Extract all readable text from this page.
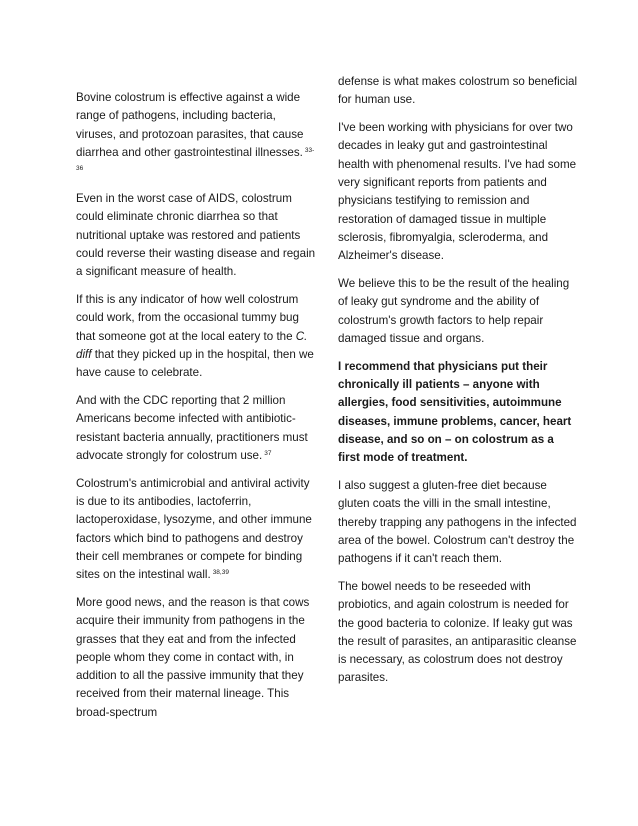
Bovine colostrum is effective against a wide range of pathogens, including bacteria, viruses, and protozoan parasites, that cause diarrhea and other gastrointestinal illnesses. $^{33-36}$

Even in the worst case of AIDS, colostrum could eliminate chronic diarrhea so that nutritional uptake was restored and patients could reverse their wasting disease and regain a significant measure of health.

If this is any indicator of how well colostrum could work, from the occasional tummy bug that someone got at the local eatery to the C. diff that they picked up in the hospital, then we have cause to celebrate.

And with the CDC reporting that 2 million Americans become infected with antibiotic-resistant bacteria annually, practitioners must advocate strongly for colostrum use. $^{37}$

Colostrum's antimicrobial and antiviral activity is due to its antibodies, lactoferrin, lactoperoxidase, lysozyme, and other immune factors which bind to pathogens and destroy their cell membranes or compete for binding sites on the intestinal wall. $^{38,39}$

More good news, and the reason is that cows acquire their immunity from pathogens in the grasses that they eat and from the infected people whom they come in contact with, in addition to all the passive immunity that they received from their maternal lineage. This broad-spectrum

defense is what makes colostrum so beneficial for human use.

I've been working with physicians for over two decades in leaky gut and gastrointestinal health with phenomenal results. I've had some very significant reports from patients and physicians testifying to remission and restoration of damaged tissue in multiple sclerosis, fibromyalgia, scleroderma, and Alzheimer's disease.

We believe this to be the result of the healing of leaky gut syndrome and the ability of colostrum's growth factors to help repair damaged tissue and organs.

I recommend that physicians put their chronically ill patients – anyone with allergies, food sensitivities, autoimmune diseases, immune problems, cancer, heart disease, and so on – on colostrum as a first mode of treatment.

I also suggest a gluten-free diet because gluten coats the villi in the small intestine, thereby trapping any pathogens in the infected area of the bowel. Colostrum can't destroy the pathogens if it can't reach them.

The bowel needs to be reseeded with probiotics, and again colostrum is needed for the good bacteria to colonize. If leaky gut was the result of parasites, an antiparasitic cleanse is necessary, as colostrum does not destroy parasites.
